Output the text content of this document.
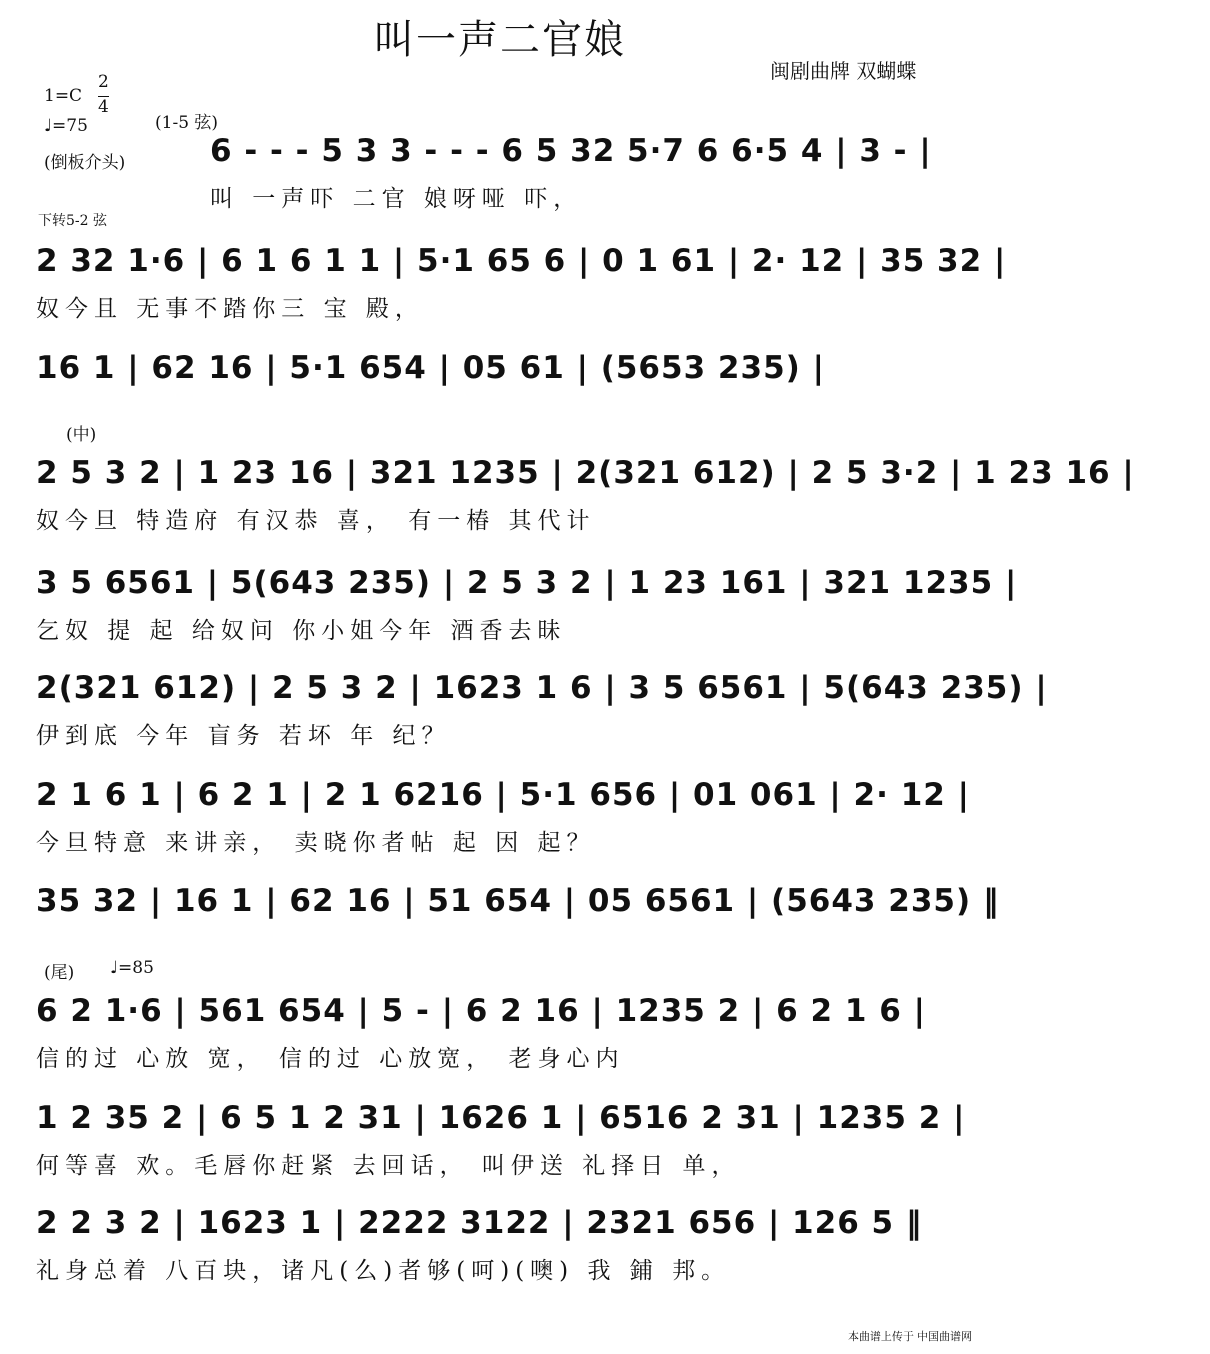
叫一声二官娘
闽剧曲牌 双蝴蝶
1=C
2
4
♩=75	(1-5 弦)
(倒板介头)
下转5-2 弦
(中)
(尾) ♩=85
6 - - - 5 3 3 - - - 6 5 32 5·7 6 6·5 4 | 3 - |
叫 一声吓 二官 娘呀哑 吓，
2 32 1·6 | 6 1 6 1 1 | 5·1 65 6 | 0 1 61 | 2· 12 | 35 32 |
奴今且 无事不踏你三 宝 殿，
16 1 | 62 16 | 5·1 654 | 05 61 | (5653 235) |
2 5 3 2 | 1 23 16 | 321 1235 | 2(321 612) | 2 5 3·2 | 1 23 16 |
奴今旦 特造府 有汉恭 喜， 有一椿 其代计
3 5 6561 | 5(643 235) | 2 5 3 2 | 1 23 161 | 321 1235 |
乞奴 提 起 给奴问 你小姐今年 酒香去昧
2(321 612) | 2 5 3 2 | 1623 1 6 | 3 5 6561 | 5(643 235) |
伊到底 今年 盲务 若坏 年 纪？
2 1 6 1 | 6 2 1 | 2 1 6216 | 5·1 656 | 01 061 | 2· 12 |
今旦特意 来讲亲， 卖晓你者帖 起 因 起？
35 32 | 16 1 | 62 16 | 51 654 | 05 6561 | (5643 235) ‖
6 2 1·6 | 561 654 | 5 - | 6 2 16 | 1235 2 | 6 2 1 6 |
信的过 心放 宽， 信的过 心放宽， 老身心内
1 2 35 2 | 6 5 1 2 31 | 1626 1 | 6516 2 31 | 1235 2 |
何等喜 欢。毛唇你赶紧 去回话， 叫伊送 礼择日 单，
2 2 3 2 | 1623 1 | 2222 3122 | 2321 656 | 126 5 ‖
礼身总着 八百块，诸凡(么)者够(呵)(噢) 我 鋪 邦。
本曲谱上传于 中国曲谱网
